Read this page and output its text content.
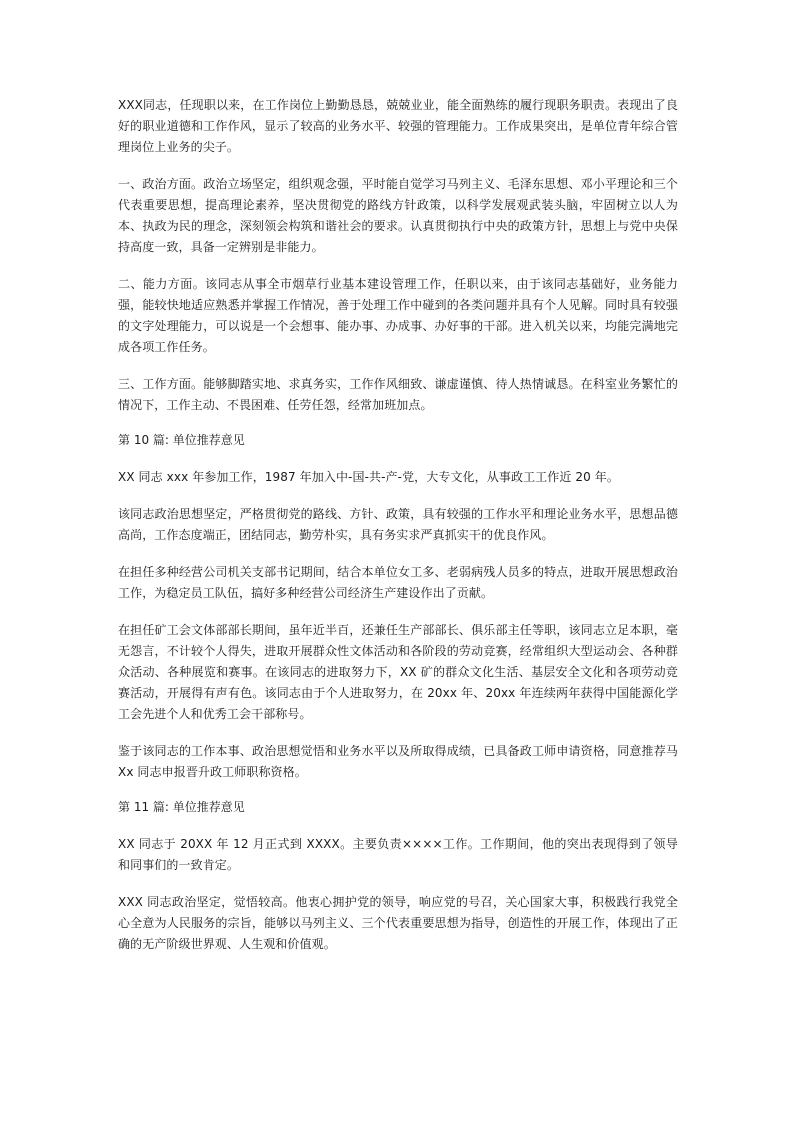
XXX同志，任现职以来，在工作岗位上勤勤恳恳，兢兢业业，能全面熟练的履行现职务职责。表现出了良好的职业道德和工作作风，显示了较高的业务水平、较强的管理能力。工作成果突出，是单位青年综合管理岗位上业务的尖子。

一、政治方面。政治立场坚定，组织观念强，平时能自觉学习马列主义、毛泽东思想、邓小平理论和三个代表重要思想，提高理论素养，坚决贯彻党的路线方针政策，以科学发展观武装头脑，牢固树立以人为本、执政为民的理念，深刻领会构筑和谐社会的要求。认真贯彻执行中央的政策方针，思想上与党中央保持高度一致，具备一定辨别是非能力。

二、能力方面。该同志从事全市烟草行业基本建设管理工作，任职以来，由于该同志基础好，业务能力强，能较快地适应熟悉并掌握工作情况，善于处理工作中碰到的各类问题并具有个人见解。同时具有较强的文字处理能力，可以说是一个会想事、能办事、办成事、办好事的干部。进入机关以来，均能完满地完成各项工作任务。

三、工作方面。能够脚踏实地、求真务实，工作作风细致、谦虚谨慎、待人热情诚恳。在科室业务繁忙的情况下，工作主动、不畏困难、任劳任怨，经常加班加点。

第 10 篇: 单位推荐意见

XX 同志 xxx 年参加工作，1987 年加入中-国-共-产-党，大专文化，从事政工工作近 20 年。

该同志政治思想坚定，严格贯彻党的路线、方针、政策，具有较强的工作水平和理论业务水平，思想品德高尚，工作态度端正，团结同志，勤劳朴实，具有务实求严真抓实干的优良作风。

在担任多种经营公司机关支部书记期间，结合本单位女工多、老弱病残人员多的特点，进取开展思想政治工作，为稳定员工队伍，搞好多种经营公司经济生产建设作出了贡献。

在担任矿工会文体部部长期间，虽年近半百，还兼任生产部部长、俱乐部主任等职，该同志立足本职，毫无怨言，不计较个人得失，进取开展群众性文体活动和各阶段的劳动竞赛，经常组织大型运动会、各种群众活动、各种展览和赛事。在该同志的进取努力下，XX 矿的群众文化生活、基层安全文化和各项劳动竞赛活动，开展得有声有色。该同志由于个人进取努力，在 20xx 年、20xx 年连续两年获得中国能源化学工会先进个人和优秀工会干部称号。

鉴于该同志的工作本事、政治思想觉悟和业务水平以及所取得成绩，已具备政工师申请资格，同意推荐马 Xx 同志申报晋升政工师职称资格。

第 11 篇: 单位推荐意见

XX 同志于 20XX 年 12 月正式到 XXXX。主要负责××××工作。工作期间，他的突出表现得到了领导和同事们的一致肯定。

XXX 同志政治坚定，觉悟较高。他衷心拥护党的领导，响应党的号召，关心国家大事，积极践行我党全心全意为人民服务的宗旨，能够以马列主义、三个代表重要思想为指导，创造性的开展工作，体现出了正确的无产阶级世界观、人生观和价值观。
